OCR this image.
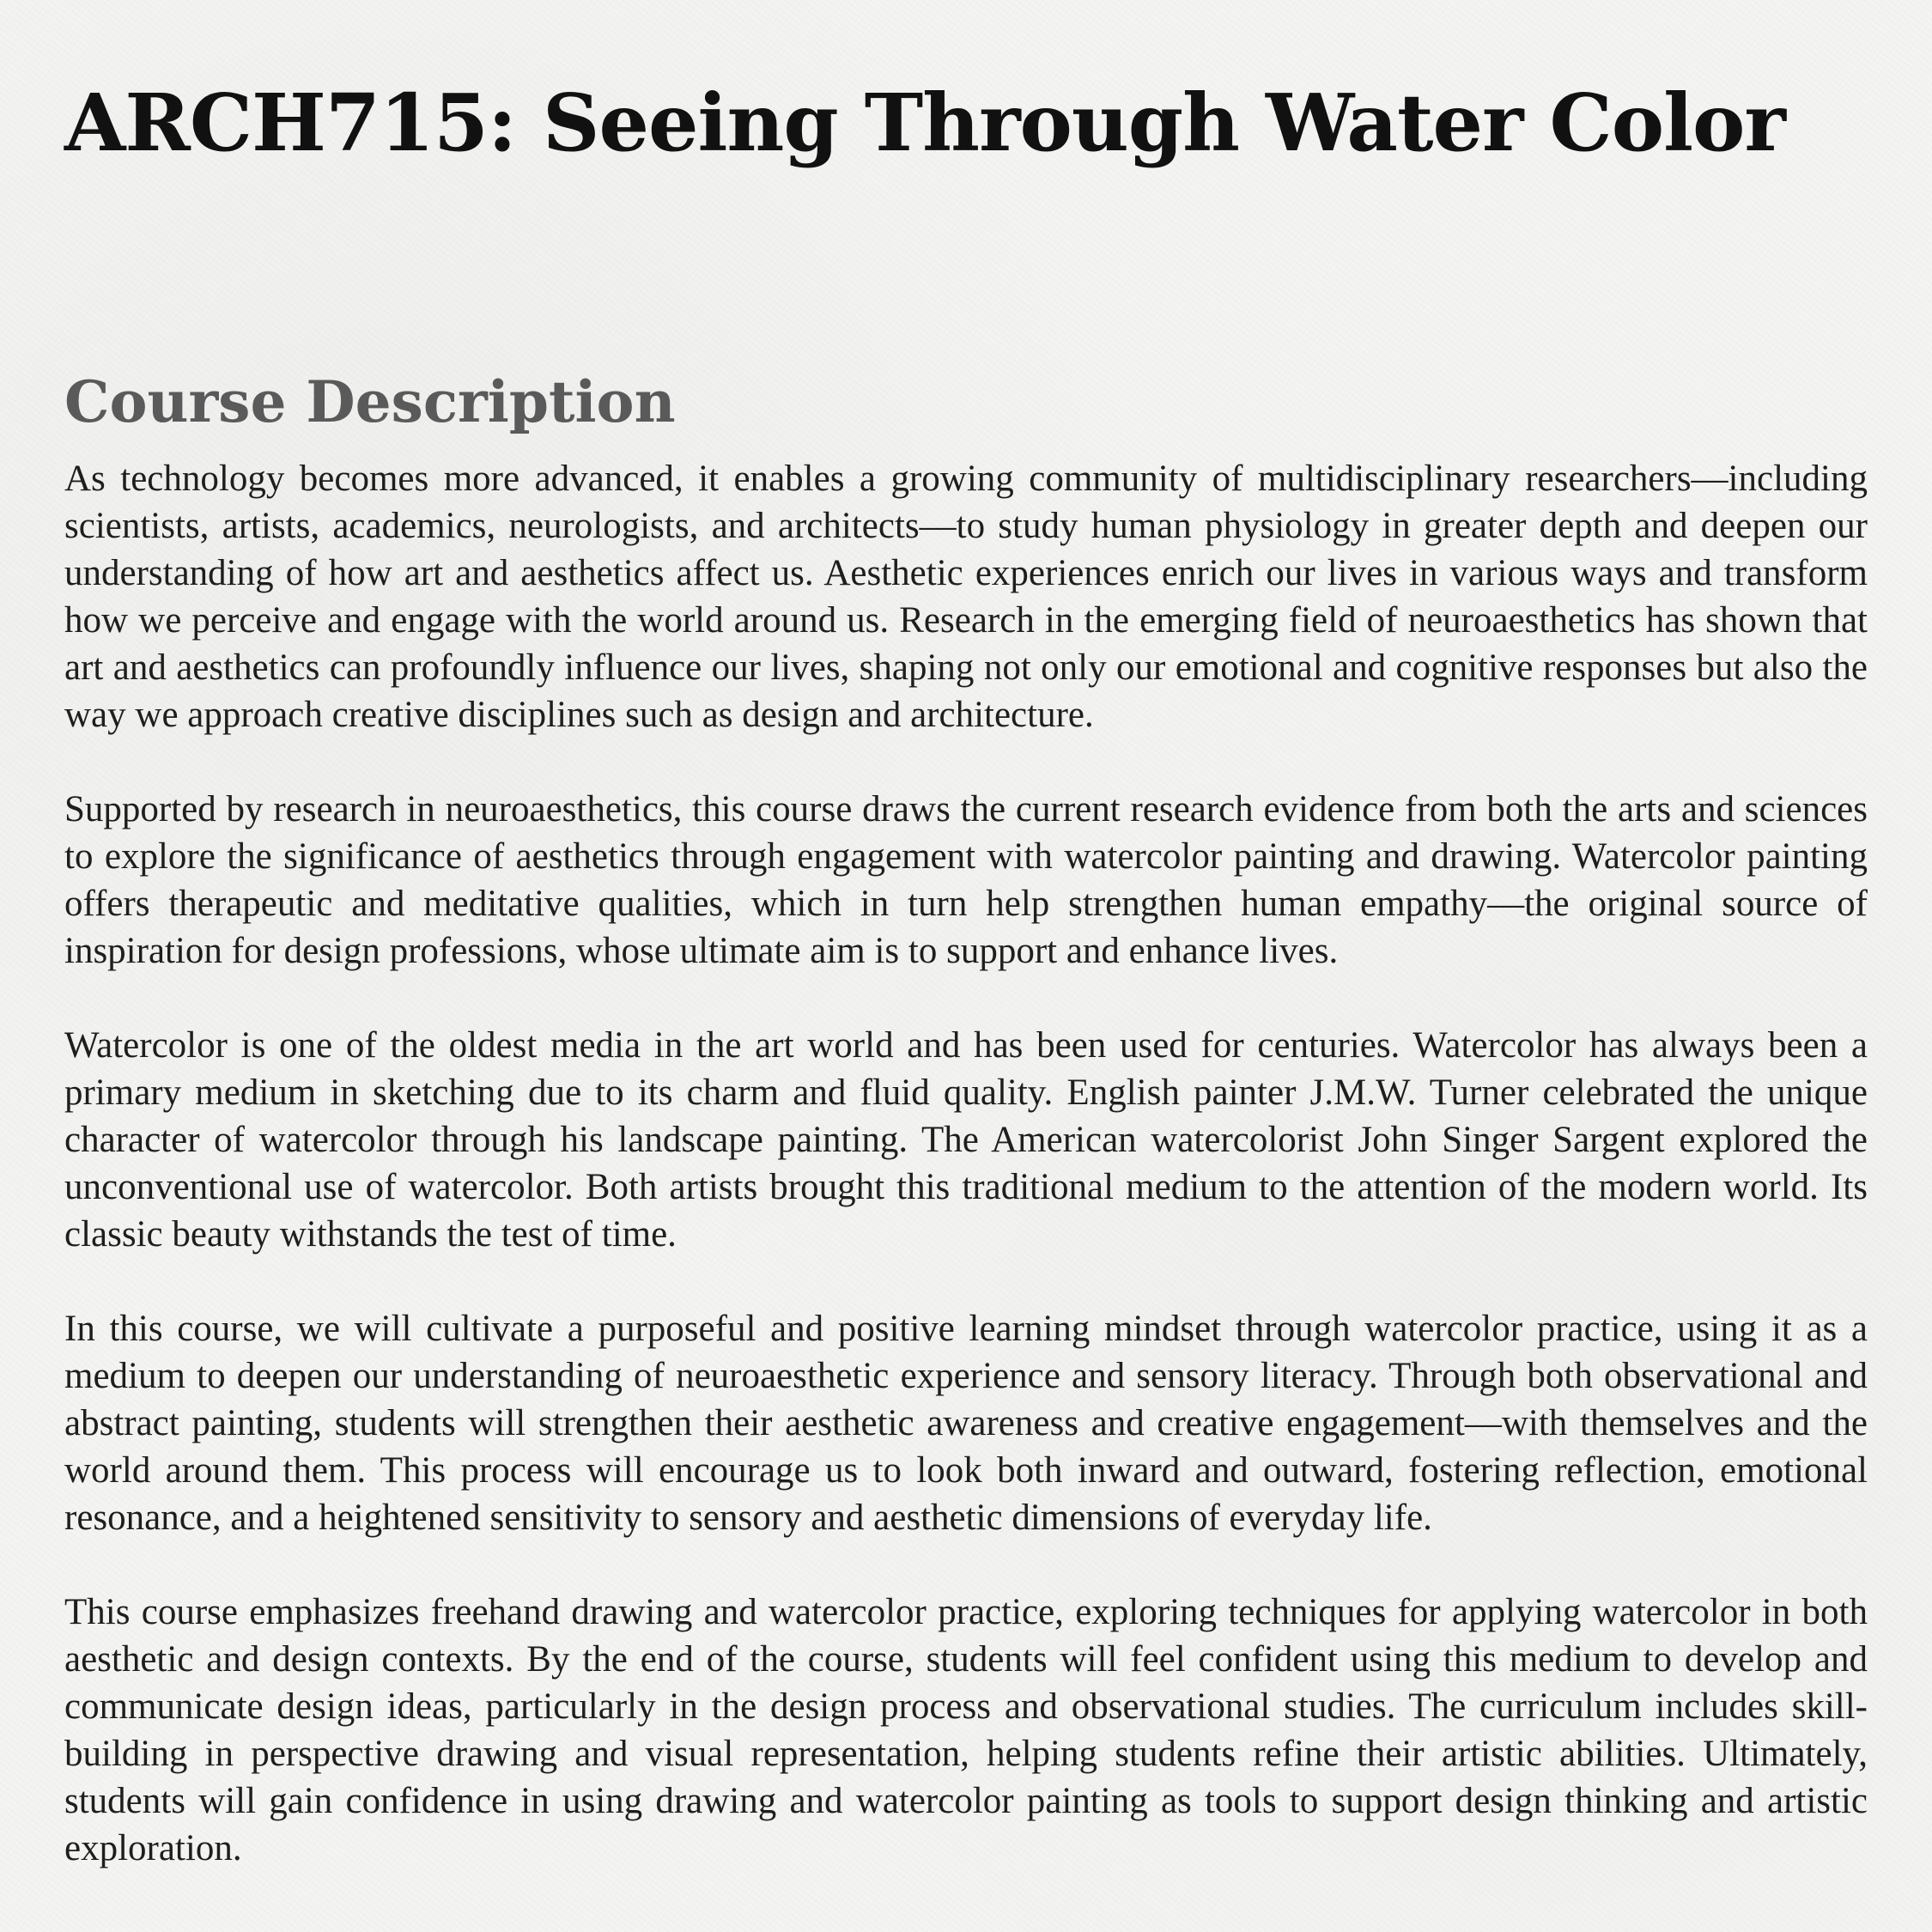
ARCH715: Seeing Through Water Color
Course Description

As technology becomes more advanced, it enables a growing community of multidisciplinary researchers—including scientists, artists, academics, neurologists, and architects—to study human physiology in greater depth and deepen our understanding of how art and aesthetics affect us. Aesthetic experiences enrich our lives in various ways and transform how we perceive and engage with the world around us. Research in the emerging field of neuroaesthetics has shown that art and aesthetics can profoundly influence our lives, shaping not only our emotional and cognitive responses but also the way we approach creative disciplines such as design and architecture.

Supported by research in neuroaesthetics, this course draws the current research evidence from both the arts and sciences to explore the significance of aesthetics through engagement with watercolor painting and drawing. Watercolor painting offers therapeutic and meditative qualities, which in turn help strengthen human empathy—the original source of inspiration for design professions, whose ultimate aim is to support and enhance lives.

Watercolor is one of the oldest media in the art world and has been used for centuries. Watercolor has always been a primary medium in sketching due to its charm and fluid quality. English painter J.M.W. Turner celebrated the unique character of watercolor through his landscape painting. The American watercolorist John Singer Sargent explored the unconventional use of watercolor. Both artists brought this traditional medium to the attention of the modern world. Its classic beauty withstands the test of time.

In this course, we will cultivate a purposeful and positive learning mindset through watercolor practice, using it as a medium to deepen our understanding of neuroaesthetic experience and sensory literacy. Through both observational and abstract painting, students will strengthen their aesthetic awareness and creative engagement—with themselves and the world around them. This process will encourage us to look both inward and outward, fostering reflection, emotional resonance, and a heightened sensitivity to sensory and aesthetic dimensions of everyday life.

This course emphasizes freehand drawing and watercolor practice, exploring techniques for applying watercolor in both aesthetic and design contexts. By the end of the course, students will feel confident using this medium to develop and communicate design ideas, particularly in the design process and observational studies. The curriculum includes skill-building in perspective drawing and visual representation, helping students refine their artistic abilities. Ultimately, students will gain confidence in using drawing and watercolor painting as tools to support design thinking and artistic exploration.
